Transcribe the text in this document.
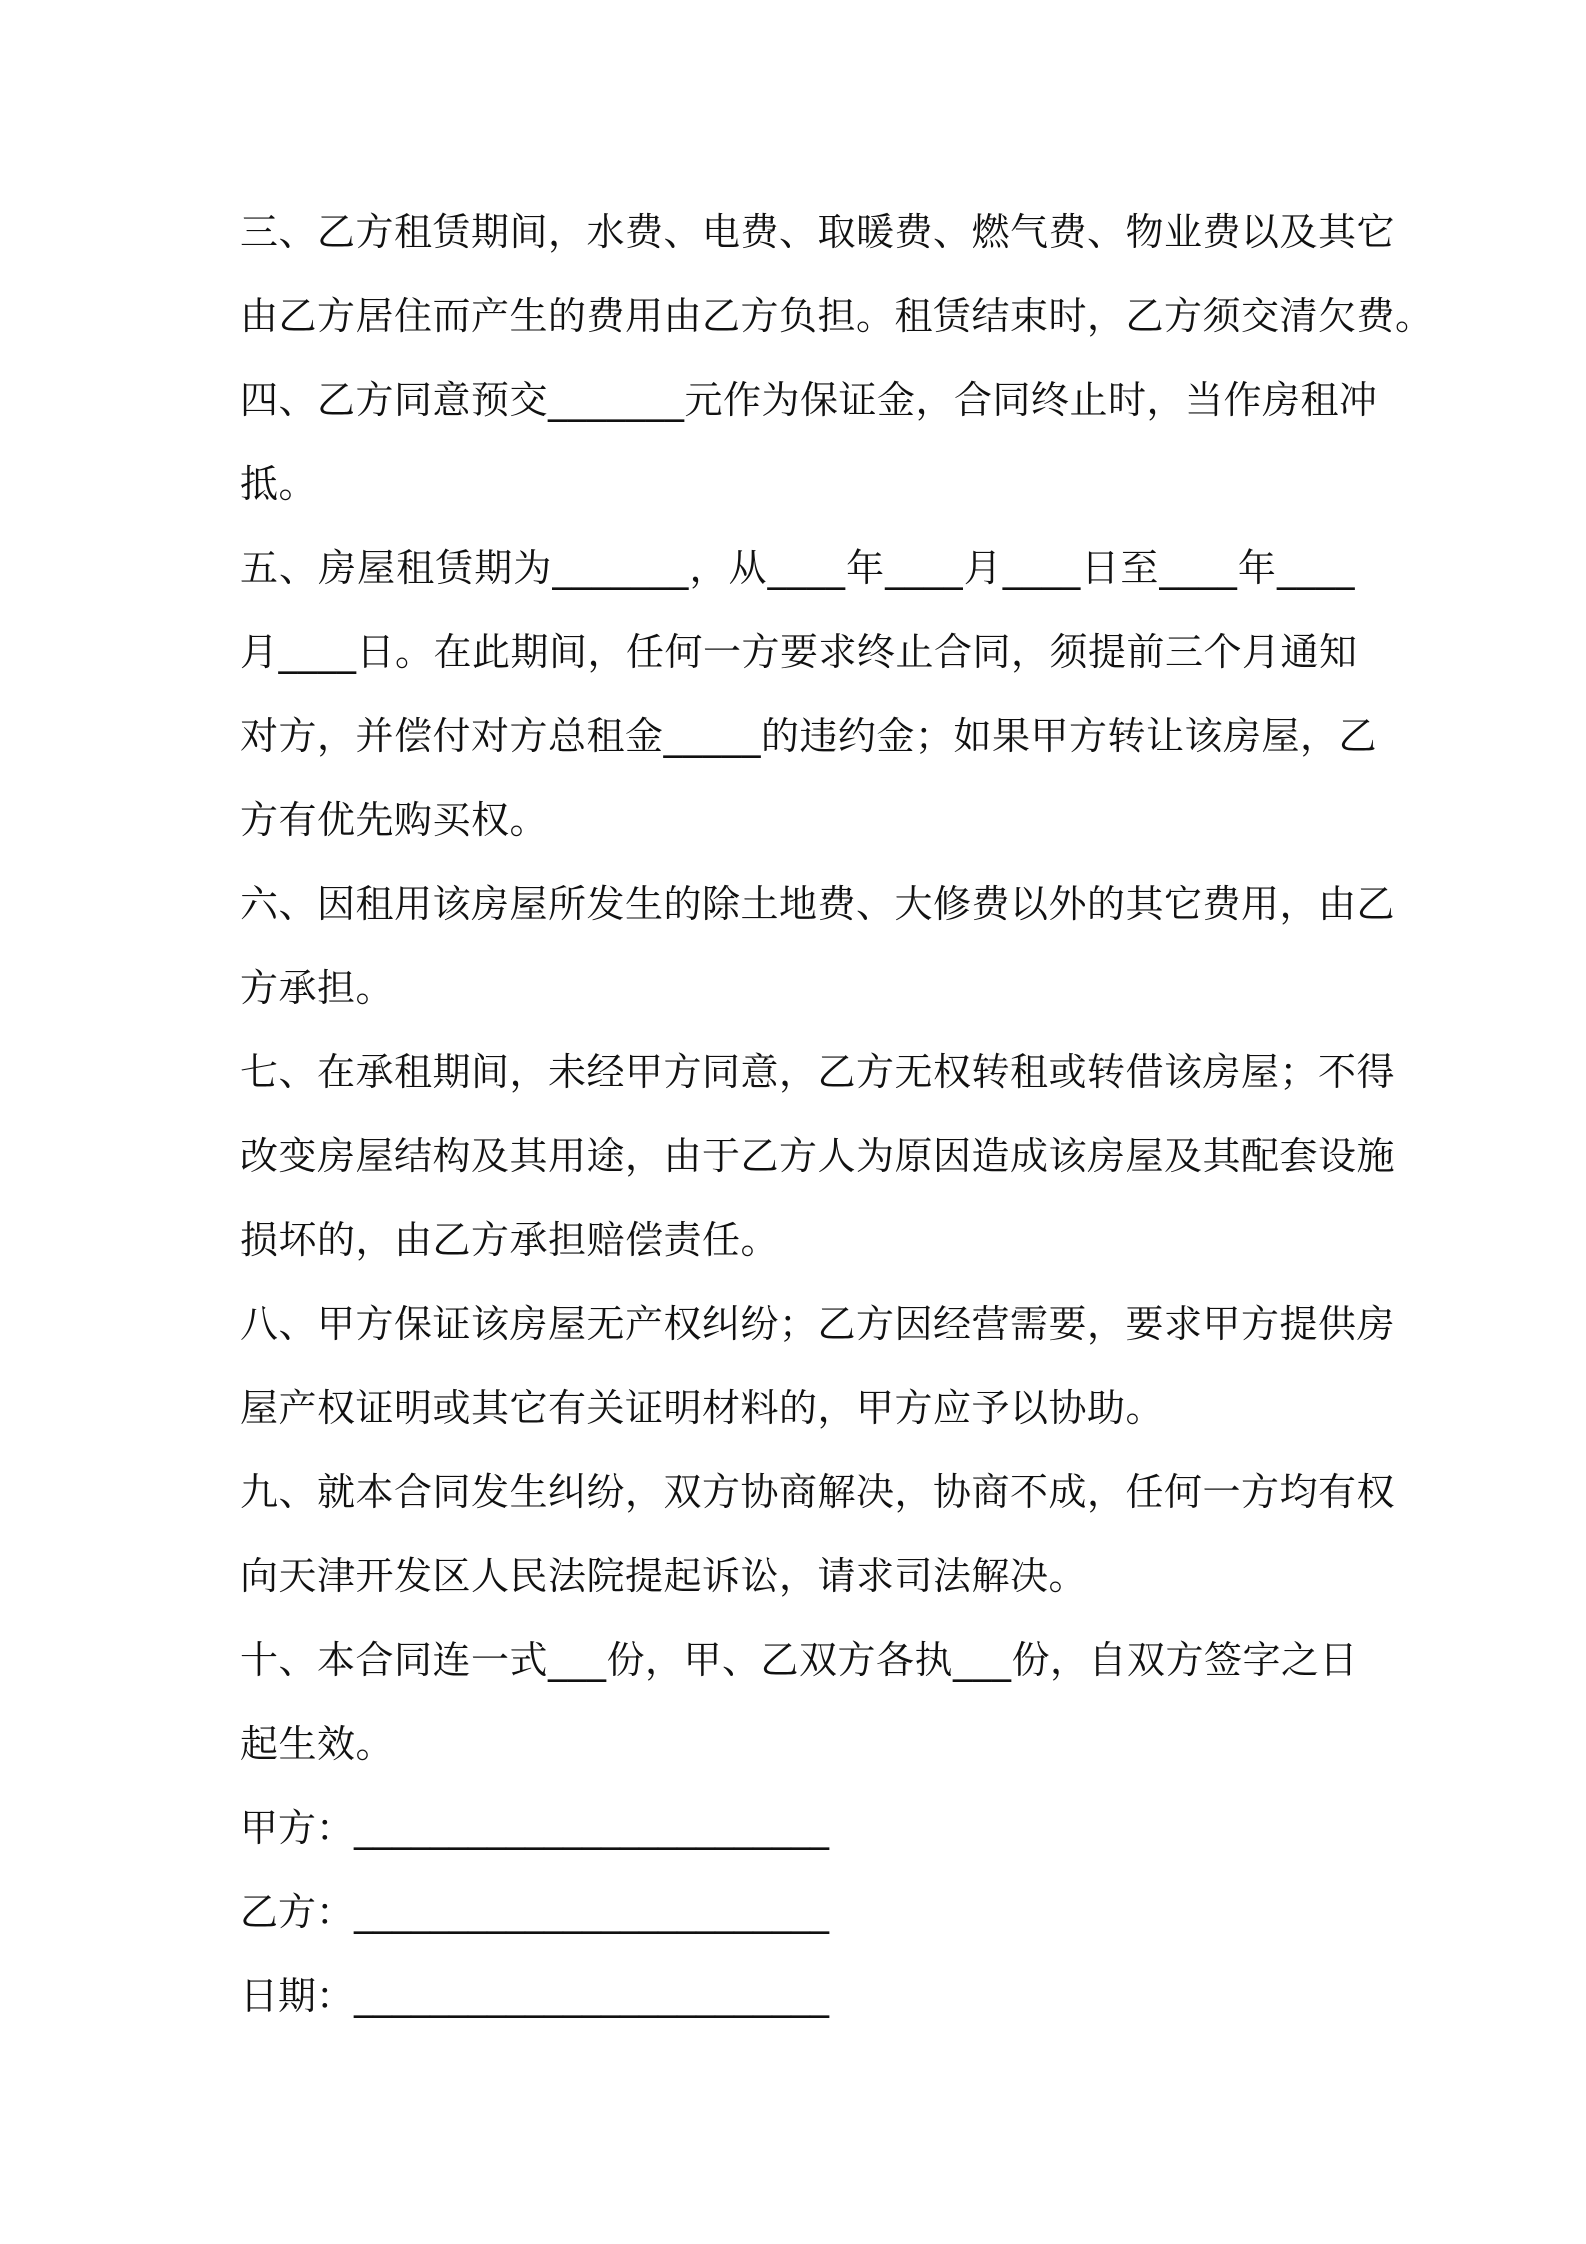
三、乙方租赁期间，水费、电费、取暖费、燃气费、物业费以及其它
由乙方居住而产生的费用由乙方负担。租赁结束时，乙方须交清欠费。
四、乙方同意预交_______元作为保证金，合同终止时，当作房租冲
抵。
五、房屋租赁期为_______，从____年____月____日至____年____
月____日。在此期间，任何一方要求终止合同，须提前三个月通知
对方，并偿付对方总租金_____的违约金；如果甲方转让该房屋，乙
方有优先购买权。
六、因租用该房屋所发生的除土地费、大修费以外的其它费用，由乙
方承担。
七、在承租期间，未经甲方同意，乙方无权转租或转借该房屋；不得
改变房屋结构及其用途，由于乙方人为原因造成该房屋及其配套设施
损坏的，由乙方承担赔偿责任。
八、甲方保证该房屋无产权纠纷；乙方因经营需要，要求甲方提供房
屋产权证明或其它有关证明材料的，甲方应予以协助。
九、就本合同发生纠纷，双方协商解决，协商不成，任何一方均有权
向天津开发区人民法院提起诉讼，请求司法解决。
十、本合同连一式___份，甲、乙双方各执___份，自双方签字之日
起生效。
甲方：_________________________
乙方：_________________________
日期：_________________________
